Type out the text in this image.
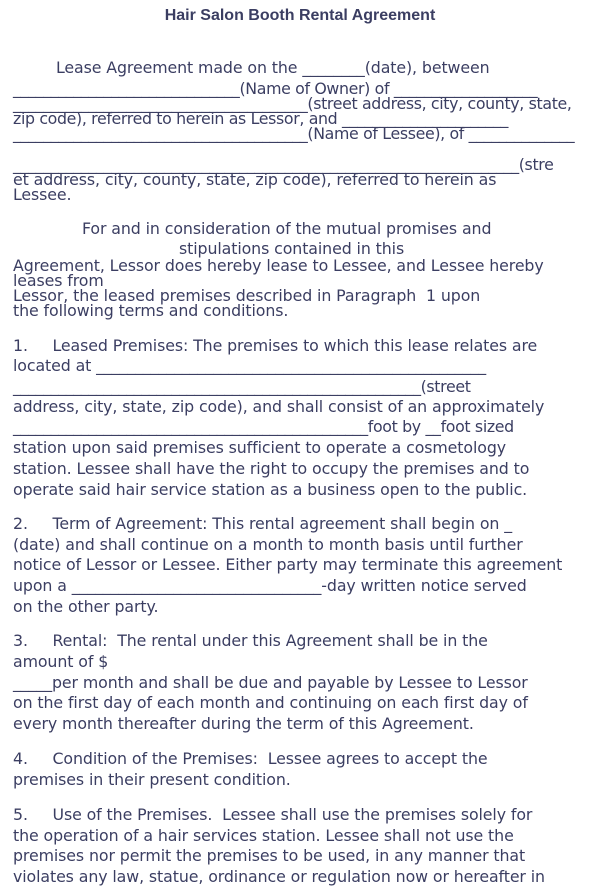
Hair Salon Booth Rental Agreement
Lease Agreement made on the ________(date), between
______________________________(Name of Owner) of ___________________
_______________________________________(street address, city, county, state,
zip code), referred to herein as Lessor, and ______________________
_______________________________________(Name of Lessee), of ______________
___________________________________________________________________(stre
et address, city, county, state, zip code), referred to herein as
Lessee.
For and in consideration of the mutual promises and
stipulations contained in this
Agreement, Lessor does hereby lease to Lessee, and Lessee hereby
leases from
Lessor, the leased premises described in Paragraph  1 upon
the following terms and conditions.
1.     Leased Premises: The premises to which this lease relates are
located at __________________________________________________
______________________________________________________(street
address, city, state, zip code), and shall consist of an approximately
_______________________________________________foot by __foot sized
station upon said premises sufficient to operate a cosmetology
station. Lessee shall have the right to occupy the premises and to
operate said hair service station as a business open to the public.
2.     Term of Agreement: This rental agreement shall begin on _
(date) and shall continue on a month to month basis until further
notice of Lessor or Lessee. Either party may terminate this agreement
upon a ________________________________-day written notice served
on the other party.
3.     Rental:  The rental under this Agreement shall be in the
amount of $
_____per month and shall be due and payable by Lessee to Lessor
on the first day of each month and continuing on each first day of
every month thereafter during the term of this Agreement.
4.     Condition of the Premises:  Lessee agrees to accept the
premises in their present condition.
5.     Use of the Premises.  Lessee shall use the premises solely for
the operation of a hair services station. Lessee shall not use the
premises nor permit the premises to be used, in any manner that
violates any law, statue, ordinance or regulation now or hereafter in
